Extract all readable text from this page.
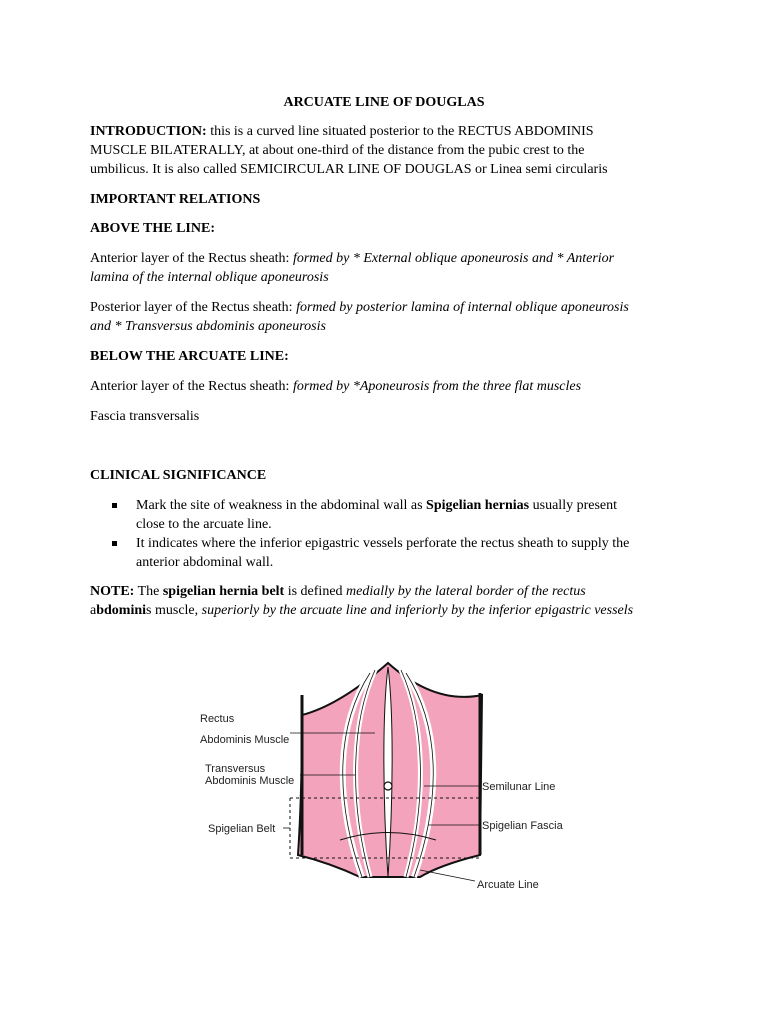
ARCUATE LINE OF DOUGLAS

INTRODUCTION: this is a curved line situated posterior to the RECTUS ABDOMINIS
MUSCLE BILATERALLY, at about one-third of the distance from the pubic crest to the
umbilicus. It is also called SEMICIRCULAR LINE OF DOUGLAS or Linea semi circularis

IMPORTANT RELATIONS

ABOVE THE LINE:

Anterior layer of the Rectus sheath: formed by * External oblique aponeurosis and * Anterior
lamina of the internal oblique aponeurosis

Posterior layer of the Rectus sheath: formed by posterior lamina of internal oblique aponeurosis
and * Transversus abdominis aponeurosis

BELOW THE ARCUATE LINE:

Anterior layer of the Rectus sheath: formed by *Aponeurosis from the three flat muscles

Fascia transversalis

CLINICAL SIGNIFICANCE

Mark the site of weakness in the abdominal wall as Spigelian hernias usually present
close to the arcuate line.
It indicates where the inferior epigastric vessels perforate the rectus sheath to supply the
anterior abdominal wall.

NOTE: The spigelian hernia belt is defined medially by the lateral border of the rectus
abdominis muscle, superiorly by the arcuate line and inferiorly by the inferior epigastric vessels

Rectus
Abdominis Muscle
Transversus
Abdominis Muscle
Spigelian Belt
Semilunar Line
Spigelian Fascia
Arcuate Line
